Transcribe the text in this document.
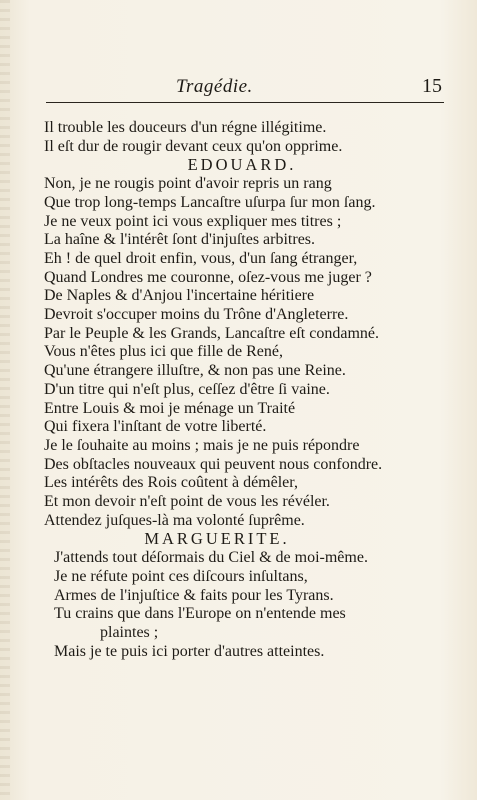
Tragédie.	15
Il trouble les douceurs d'un régne illégitime.
Il eſt dur de rougir devant ceux qu'on opprime.
EDOUARD.
Non, je ne rougis point d'avoir repris un rang
Que trop long-temps Lancaſtre uſurpa ſur mon ſang.
Je ne veux point ici vous expliquer mes titres ;
La haîne & l'intérêt ſont d'injuſtes arbitres.
Eh ! de quel droit enfin, vous, d'un ſang étranger,
Quand Londres me couronne, oſez-vous me juger ?
De Naples & d'Anjou l'incertaine héritiere
Devroit s'occuper moins du Trône d'Angleterre.
Par le Peuple & les Grands, Lancaſtre eſt condamné.
Vous n'êtes plus ici que fille de René,
Qu'une étrangere illuſtre, & non pas une Reine.
D'un titre qui n'eſt plus, ceſſez d'être ſi vaine.
Entre Louis & moi je ménage un Traité
Qui fixera l'inſtant de votre liberté.
Je le ſouhaite au moins ; mais je ne puis répondre
Des obſtacles nouveaux qui peuvent nous confondre.
Les intérêts des Rois coûtent à démêler,
Et mon devoir n'eſt point de vous les révéler.
Attendez juſques-là ma volonté ſuprême.
MARGUERITE.
J'attends tout déſormais du Ciel & de moi-même.
Je ne réfute point ces diſcours inſultans,
Armes de l'injuſtice & faits pour les Tyrans.
Tu crains que dans l'Europe on n'entende mes
plaintes ;
Mais je te puis ici porter d'autres atteintes.
